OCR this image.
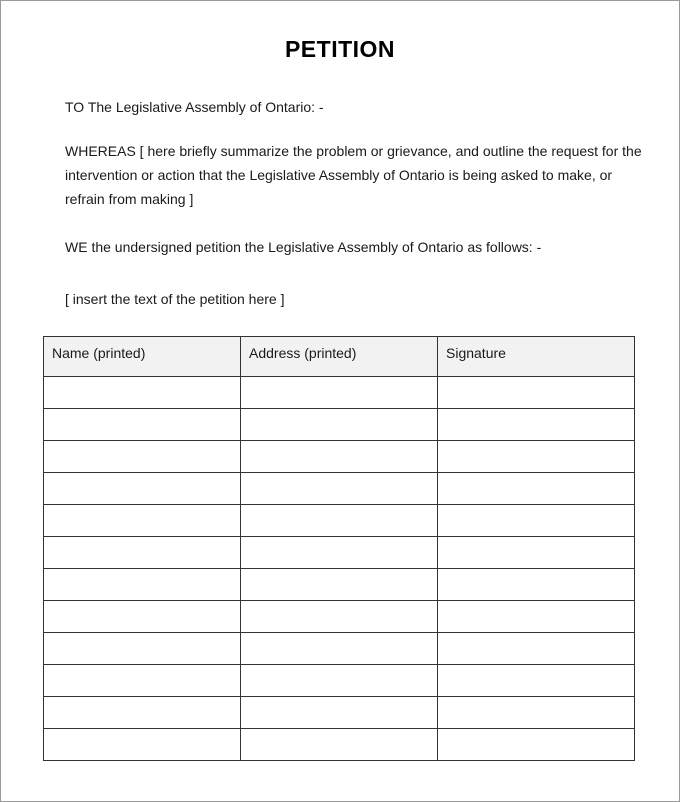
PETITION
TO The Legislative Assembly of Ontario: -
WHEREAS [ here briefly summarize the problem or grievance, and outline the request for the intervention or action that the Legislative Assembly of Ontario is being asked to make, or refrain from making ]
WE the undersigned petition the Legislative Assembly of Ontario as follows: -
[ insert the text of the petition here ]
Name (printed)	Address (printed)	Signature
